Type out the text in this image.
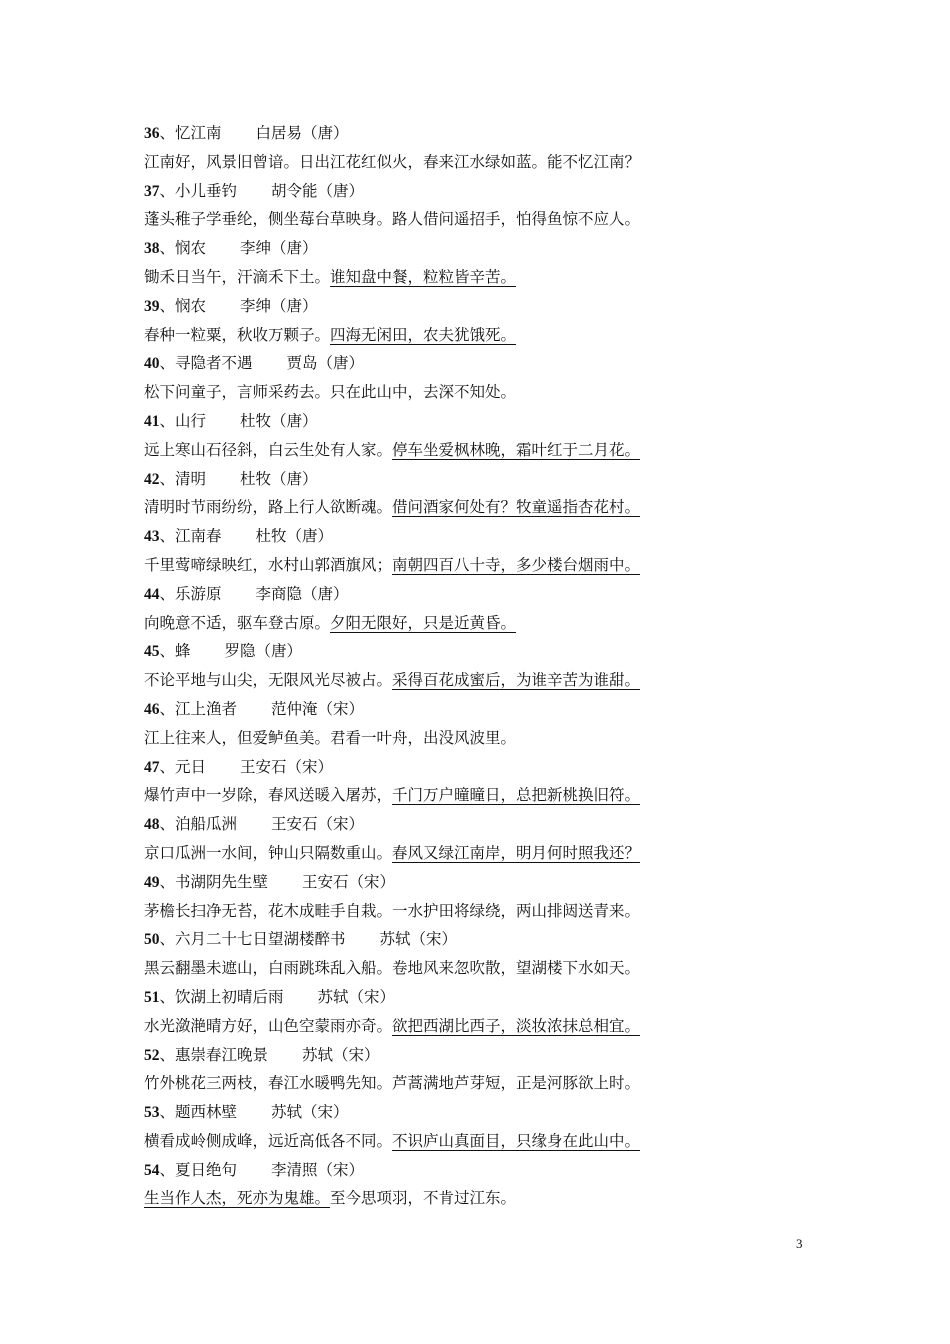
36、忆江南 白居易（唐）
江南好，风景旧曾谙。日出江花红似火，春来江水绿如蓝。能不忆江南？
37、小儿垂钓 胡令能（唐）
蓬头稚子学垂纶，侧坐莓台草映身。路人借问遥招手，怕得鱼惊不应人。
38、悯农 李绅（唐）
锄禾日当午，汗滴禾下土。谁知盘中餐，粒粒皆辛苦。
39、悯农 李绅（唐）
春种一粒粟，秋收万颗子。四海无闲田，农夫犹饿死。
40、寻隐者不遇 贾岛（唐）
松下问童子，言师采药去。只在此山中，去深不知处。
41、山行 杜牧（唐）
远上寒山石径斜，白云生处有人家。停车坐爱枫林晚，霜叶红于二月花。
42、清明 杜牧（唐）
清明时节雨纷纷，路上行人欲断魂。借问酒家何处有？牧童遥指杏花村。
43、江南春 杜牧（唐）
千里莺啼绿映红，水村山郭酒旗风；南朝四百八十寺，多少楼台烟雨中。
44、乐游原 李商隐（唐）
向晚意不适，驱车登古原。夕阳无限好，只是近黄昏。
45、蜂 罗隐（唐）
不论平地与山尖，无限风光尽被占。采得百花成蜜后，为谁辛苦为谁甜。
46、江上渔者 范仲淹（宋）
江上往来人，但爱鲈鱼美。君看一叶舟，出没风波里。
47、元日 王安石（宋）
爆竹声中一岁除，春风送暖入屠苏，千门万户曈曈日，总把新桃换旧符。
48、泊船瓜洲 王安石（宋）
京口瓜洲一水间，钟山只隔数重山。春风又绿江南岸，明月何时照我还？
49、书湖阴先生壁 王安石（宋）
茅檐长扫净无苔，花木成畦手自栽。一水护田将绿绕，两山排闼送青来。
50、六月二十七日望湖楼醉书 苏轼（宋）
黑云翻墨未遮山，白雨跳珠乱入船。卷地风来忽吹散，望湖楼下水如天。
51、饮湖上初晴后雨 苏轼（宋）
水光潋滟晴方好，山色空蒙雨亦奇。欲把西湖比西子，淡妆浓抹总相宜。
52、惠崇春江晚景 苏轼（宋）
竹外桃花三两枝，春江水暖鸭先知。芦蒿满地芦芽短，正是河豚欲上时。
53、题西林壁 苏轼（宋）
横看成岭侧成峰，远近高低各不同。不识庐山真面目，只缘身在此山中。
54、夏日绝句 李清照（宋）
生当作人杰，死亦为鬼雄。至今思项羽，不肯过江东。
3
